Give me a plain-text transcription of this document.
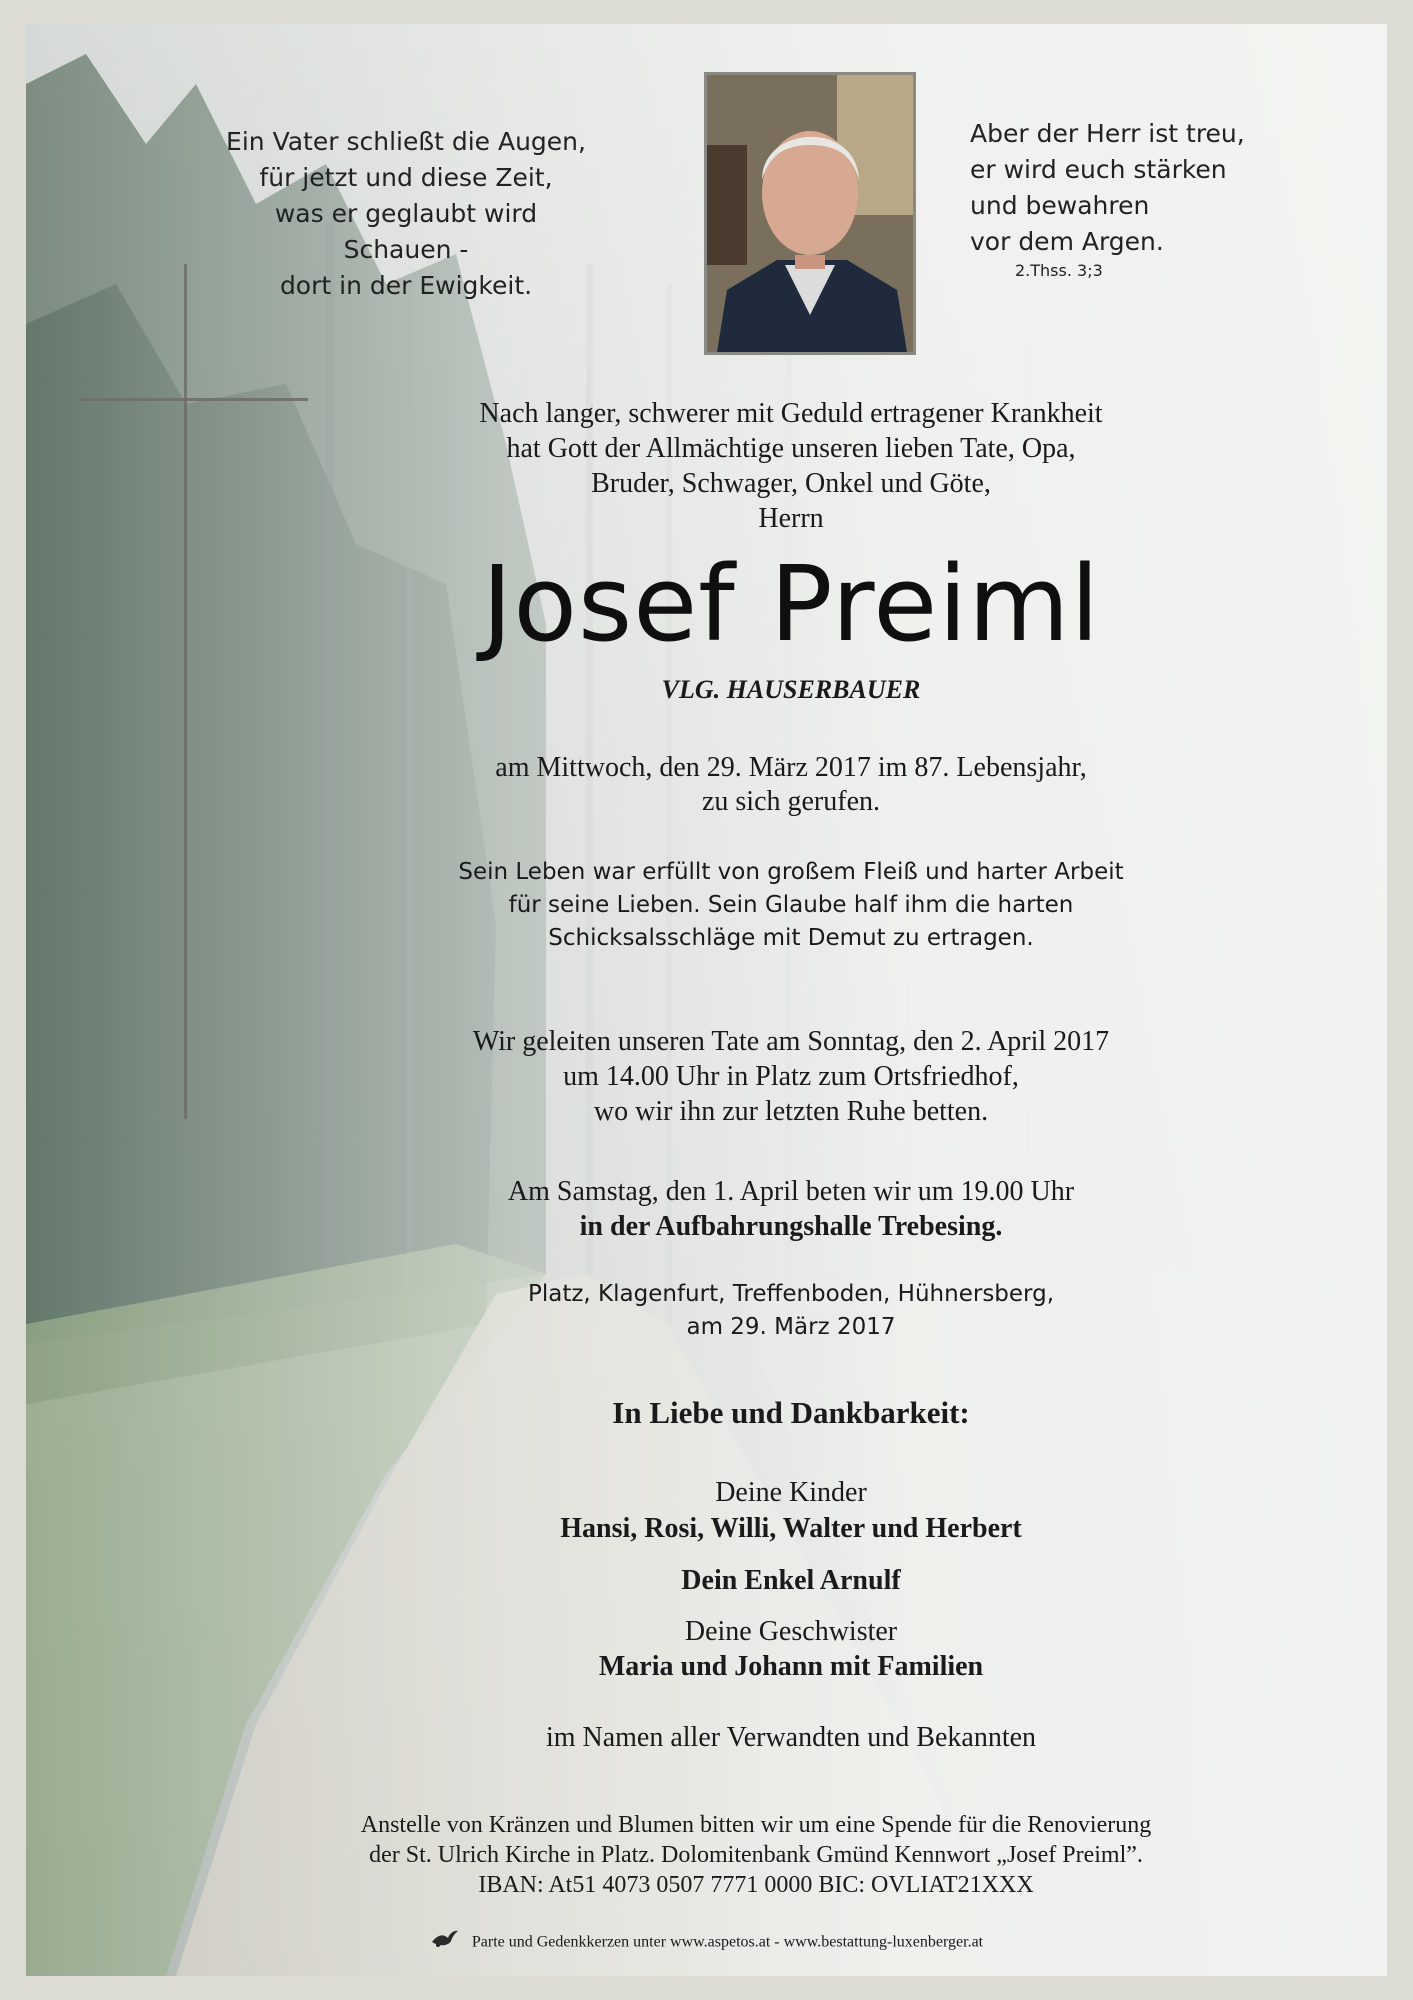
Ein Vater schließt die Augen,
für jetzt und diese Zeit,
was er geglaubt wird Schauen -
dort in der Ewigkeit.
Aber der Herr ist treu,
er wird euch stärken
und bewahren
vor dem Argen.
2.Thss. 3;3
Nach langer, schwerer mit Geduld ertragener Krankheit
hat Gott der Allmächtige unseren lieben Tate, Opa,
Bruder, Schwager, Onkel und Göte,
Herrn
Josef Preiml
VLG. HAUSERBAUER
am Mittwoch, den 29. März 2017 im 87. Lebensjahr,
zu sich gerufen.
Sein Leben war erfüllt von großem Fleiß und harter Arbeit
für seine Lieben. Sein Glaube half ihm die harten
Schicksalsschläge mit Demut zu ertragen.
Wir geleiten unseren Tate am Sonntag, den 2. April 2017
um 14.00 Uhr in Platz zum Ortsfriedhof,
wo wir ihn zur letzten Ruhe betten.
Am Samstag, den 1. April beten wir um 19.00 Uhr
in der Aufbahrungshalle Trebesing.
Platz, Klagenfurt, Treffenboden, Hühnersberg,
am 29. März 2017
In Liebe und Dankbarkeit:
Deine Kinder
Hansi, Rosi, Willi, Walter und Herbert
Dein Enkel Arnulf
Deine Geschwister
Maria und Johann mit Familien
im Namen aller Verwandten und Bekannten
Anstelle von Kränzen und Blumen bitten wir um eine Spende für die Renovierung
der St. Ulrich Kirche in Platz. Dolomitenbank Gmünd Kennwort „Josef Preiml”.
IBAN: At51 4073 0507 7771 0000 BIC: OVLIAT21XXX
Parte und Gedenkkerzen unter www.aspetos.at - www.bestattung-luxenberger.at
